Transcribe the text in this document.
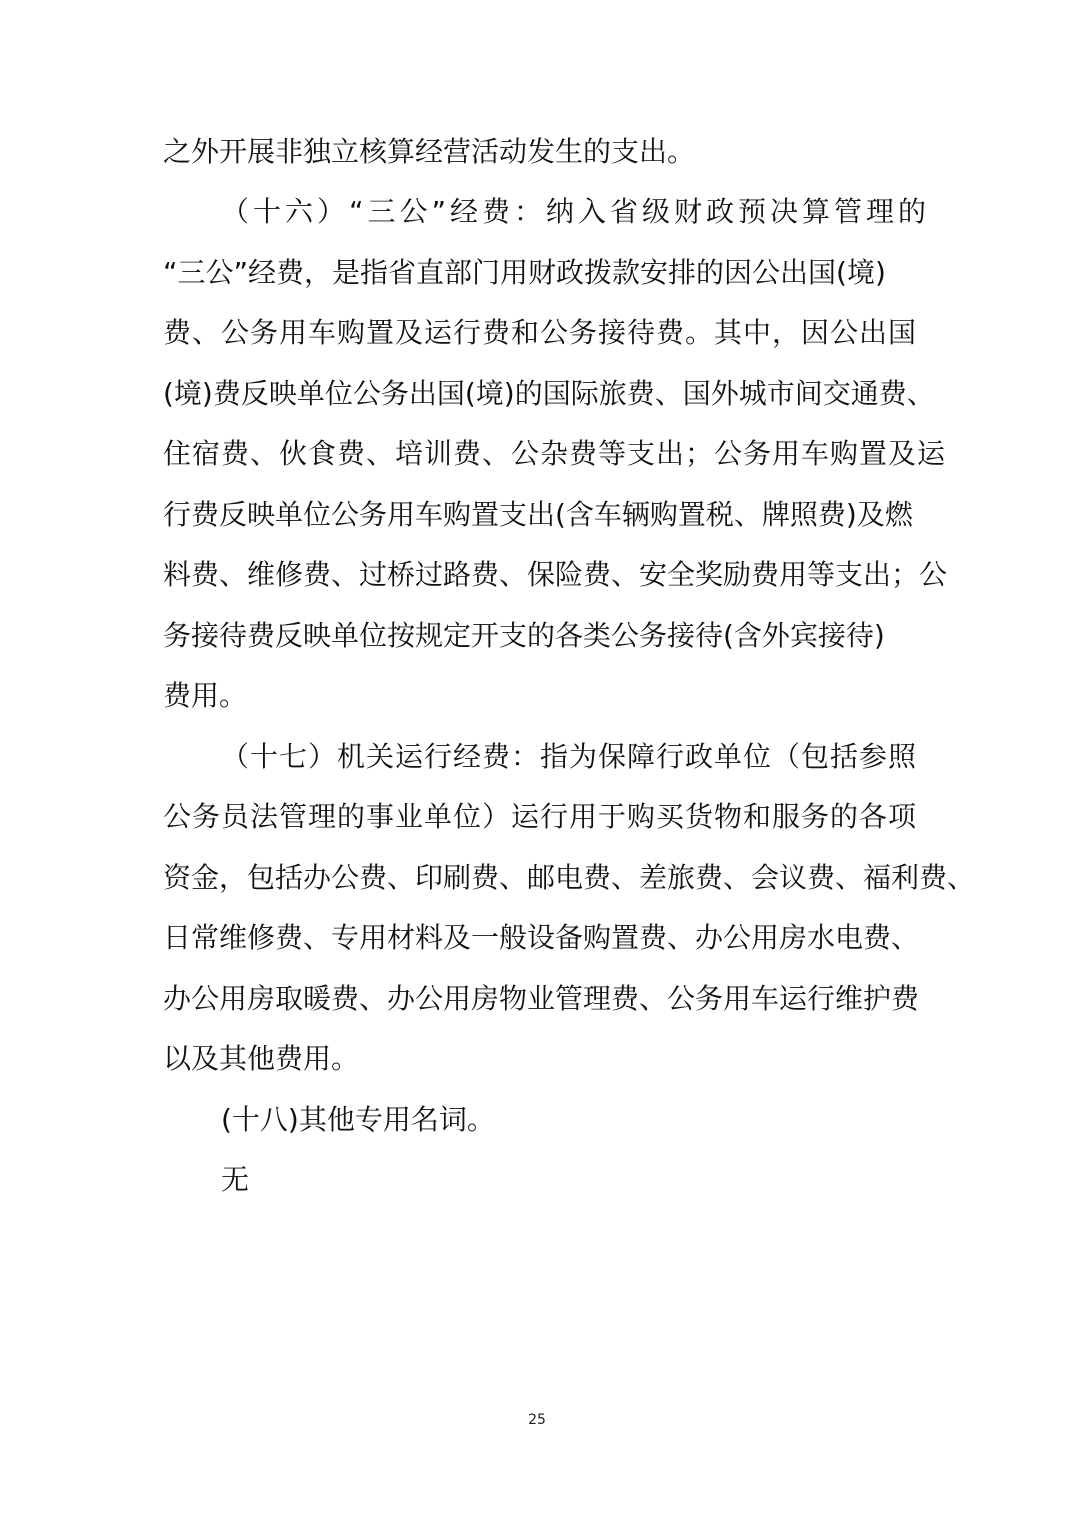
之外开展非独立核算经营活动发生的支出。
（十六）“三公”经费：纳入省级财政预决算管理的
“三公”经费，是指省直部门用财政拨款安排的因公出国(境)
费、公务用车购置及运行费和公务接待费。其中，因公出国
(境)费反映单位公务出国(境)的国际旅费、国外城市间交通费、
住宿费、伙食费、培训费、公杂费等支出；公务用车购置及运
行费反映单位公务用车购置支出(含车辆购置税、牌照费)及燃
料费、维修费、过桥过路费、保险费、安全奖励费用等支出；公
务接待费反映单位按规定开支的各类公务接待(含外宾接待)
费用。
（十七）机关运行经费：指为保障行政单位（包括参照
公务员法管理的事业单位）运行用于购买货物和服务的各项
资金，包括办公费、印刷费、邮电费、差旅费、会议费、福利费、
日常维修费、专用材料及一般设备购置费、办公用房水电费、
办公用房取暖费、办公用房物业管理费、公务用车运行维护费
以及其他费用。
(十八)其他专用名词。
无
25
